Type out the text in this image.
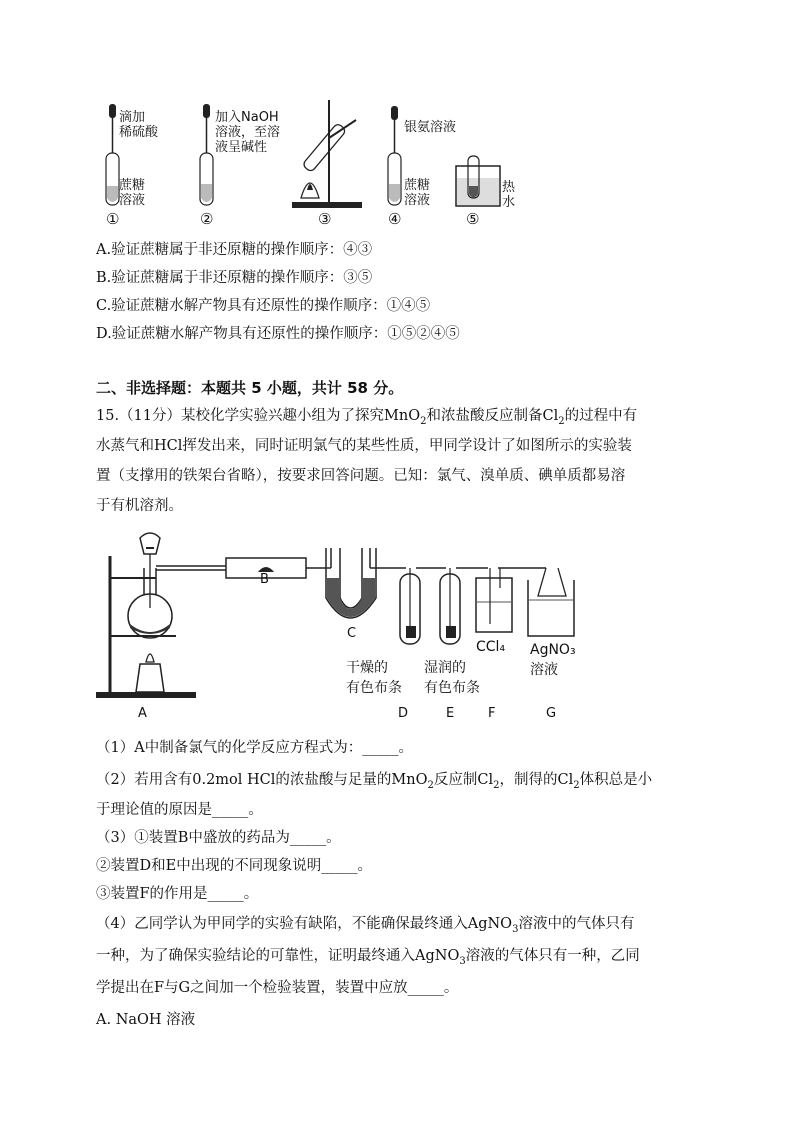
滴加
稀硫酸
蔗糖
溶液
加入NaOH
溶液，至溶
液呈碱性
银氨溶液
蔗糖
溶液
热
水
①	②	③	④	⑤
A.验证蔗糖属于非还原糖的操作顺序：④③
B.验证蔗糖属于非还原糖的操作顺序：③⑤
C.验证蔗糖水解产物具有还原性的操作顺序：①④⑤
D.验证蔗糖水解产物具有还原性的操作顺序：①⑤②④⑤
二、非选择题：本题共 5 小题，共计 58 分。
15.（11分）某校化学实验兴趣小组为了探究MnO$_2$和浓盐酸反应制备$Cl_2$的过程中有
水蒸气和HCl挥发出来，同时证明氯气的某些性质，甲同学设计了如图所示的实验装
置（支撑用的铁架台省略），按要求回答问题。已知：氯气、溴单质、碘单质都易溶
于有机溶剂。
B
C
干燥的
有色布条
湿润的
有色布条
CCl₄ AgNO₃
溶液
A	D	E	F	G
（1）A中制备氯气的化学反应方程式为：_____。
（2）若用含有0.2mol HCl的浓盐酸与足量的MnO$_2$反应制$Cl_2$，制得的$Cl_2$体积总是小
于理论值的原因是_____。
（3）①装置B中盛放的药品为_____。
②装置D和E中出现的不同现象说明_____。
③装置F的作用是_____。
（4）乙同学认为甲同学的实验有缺陷，不能确保最终通入AgNO$_3$溶液中的气体只有
一种，为了确保实验结论的可靠性，证明最终通入AgNO$_3$溶液的气体只有一种，乙同
学提出在F与G之间加一个检验装置，装置中应放_____。
A. NaOH 溶液
